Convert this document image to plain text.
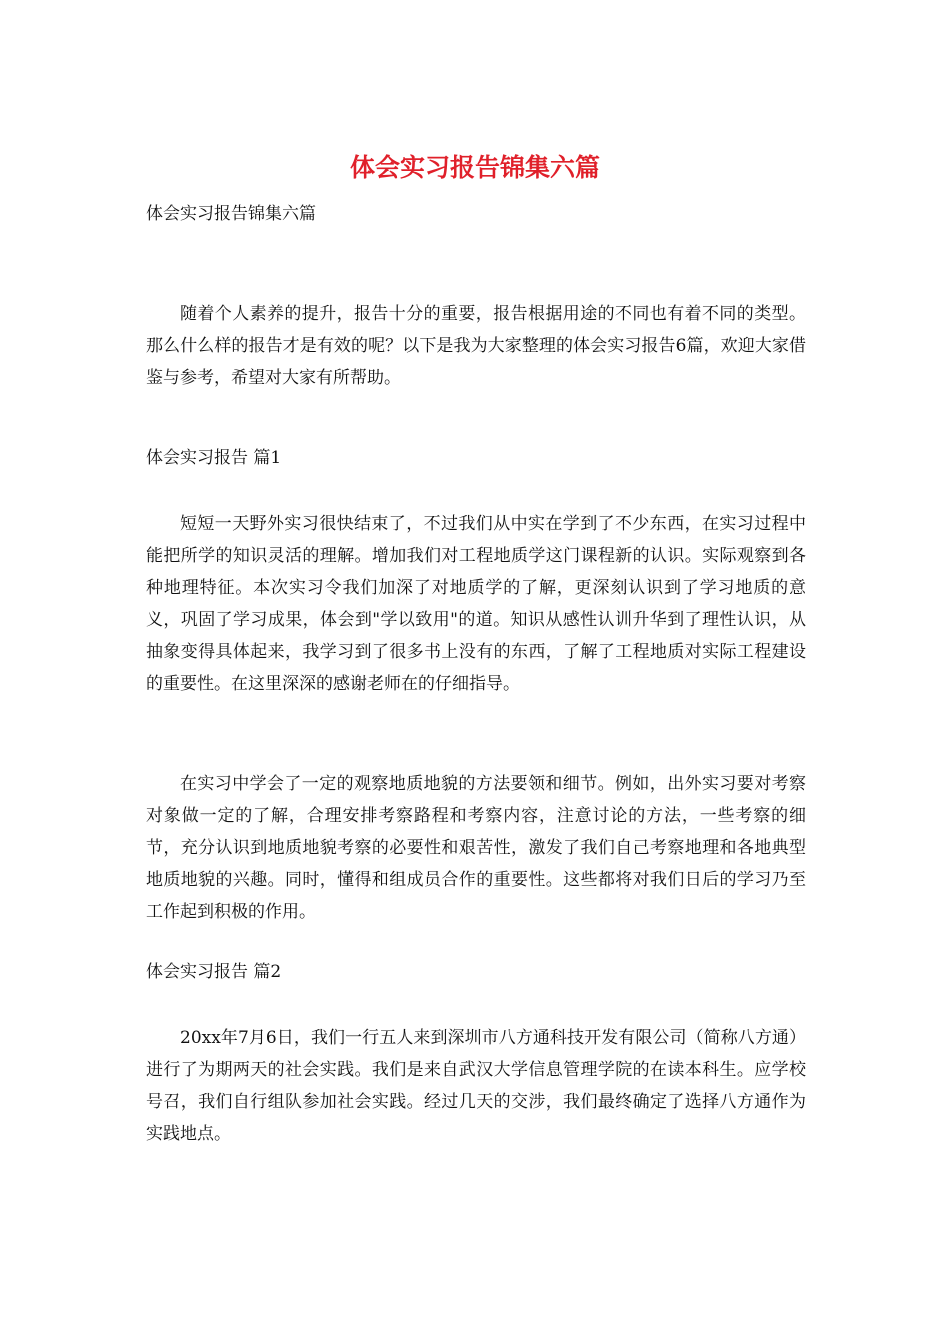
体会实习报告锦集六篇

体会实习报告锦集六篇

随着个人素养的提升，报告十分的重要，报告根据用途的不同也有着不同的类型。那么什么样的报告才是有效的呢？以下是我为大家整理的体会实习报告6篇，欢迎大家借鉴与参考，希望对大家有所帮助。

体会实习报告 篇1

短短一天野外实习很快结束了，不过我们从中实在学到了不少东西，在实习过程中能把所学的知识灵活的理解。增加我们对工程地质学这门课程新的认识。实际观察到各种地理特征。本次实习令我们加深了对地质学的了解，更深刻认识到了学习地质的意义，巩固了学习成果，体会到"学以致用"的道。知识从感性认训升华到了理性认识，从抽象变得具体起来，我学习到了很多书上没有的东西，了解了工程地质对实际工程建设的重要性。在这里深深的感谢老师在的仔细指导。

在实习中学会了一定的观察地质地貌的方法要领和细节。例如，出外实习要对考察对象做一定的了解，合理安排考察路程和考察内容，注意讨论的方法，一些考察的细节，充分认识到地质地貌考察的必要性和艰苦性，激发了我们自己考察地理和各地典型地质地貌的兴趣。同时，懂得和组成员合作的重要性。这些都将对我们日后的学习乃至工作起到积极的作用。

体会实习报告 篇2

20xx年7月6日，我们一行五人来到深圳市八方通科技开发有限公司（简称八方通）进行了为期两天的社会实践。我们是来自武汉大学信息管理学院的在读本科生。应学校号召，我们自行组队参加社会实践。经过几天的交涉，我们最终确定了选择八方通作为实践地点。
